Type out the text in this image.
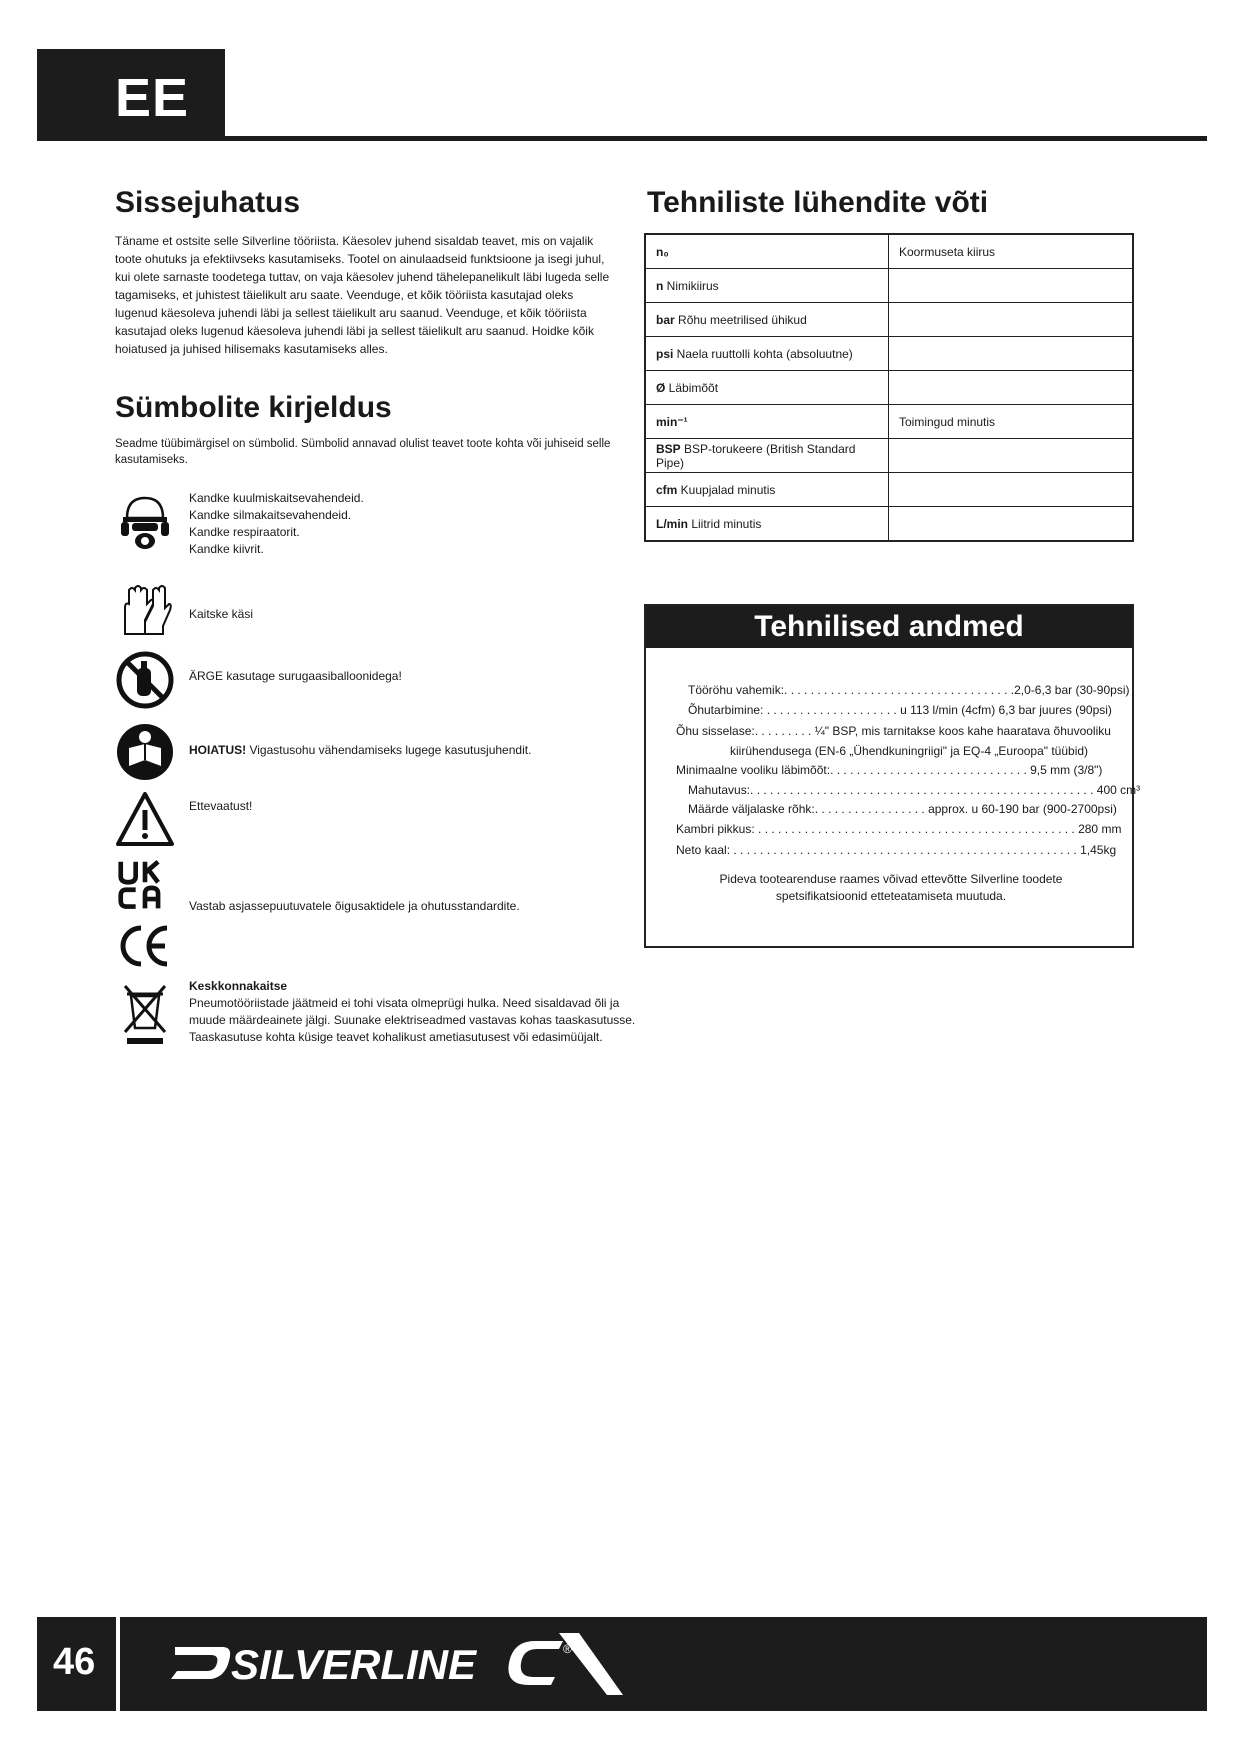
EE
Sissejuhatus

Täname et ostsite selle Silverline tööriista. Käesolev juhend sisaldab teavet, mis on vajalik toote ohutuks ja efektiivseks kasutamiseks. Tootel on ainulaadseid funktsioone ja isegi juhul, kui olete sarnaste toodetega tuttav, on vaja käesolev juhend tähelepanelikult läbi lugeda selle tagamiseks, et juhistest täielikult aru saate. Veenduge, et kõik tööriista kasutajad oleks lugenud käesoleva juhendi läbi ja sellest täielikult aru saanud. Veenduge, et kõik tööriista kasutajad oleks lugenud käesoleva juhendi läbi ja sellest täielikult aru saanud. Hoidke kõik hoiatused ja juhised hilisemaks kasutamiseks alles.

Sümbolite kirjeldus

Seadme tüübimärgisel on sümbolid. Sümbolid annavad olulist teavet toote kohta või juhiseid selle kasutamiseks.

Kandke kuulmiskaitsevahendeid.
Kandke silmakaitsevahendeid.
Kandke respiraatorit.
Kandke kiivrit.
Kaitske käsi
ÄRGE kasutage surugaasiballoonidega!
HOIATUS! Vigastusohu vähendamiseks lugege kasutusjuhendit.
Ettevaatust!
Vastab asjassepuutuvatele õigusaktidele ja ohutusstandardite.
Keskkonnakaitse
Pneumotööriistade jäätmeid ei tohi visata olmeprügi hulka. Need sisaldavad õli ja
muude määrdeainete jälgi. Suunake elektriseadmed vastavas kohas taaskasutusse.
Taaskasutuse kohta küsige teavet kohalikust ametiasutusest või edasimüüjalt.
Tehniliste lühendite võti
n₀	Koormuseta kiirus
n Nimikiirus	
bar Rõhu meetrilised ühikud	
psi Naela ruuttolli kohta (absoluutne)	
Ø Läbimõõt	
min⁻¹	Toimingud minutis
BSP BSP-torukeere (British Standard Pipe)	
cfm Kuupjalad minutis	
L/min Liitrid minutis	
Tehnilised andmed
Tööröhu vahemik:. . . . . . . . . . . . . . . . . . . . . . . . . . . . . . . . . . .2,0-6,3 bar (30-90psi)
Õhutarbimine: . . . . . . . . . . . . . . . . . . . . u 113 l/min (4cfm) 6,3 bar juures (90psi)
Õhu sisselase:. . . . . . . . . ¼" BSP, mis tarnitakse koos kahe haaratava õhuvooliku
kiirühendusega (EN-6 „Ühendkuningriigi" ja EQ-4 „Euroopa" tüübid)
Minimaalne vooliku läbimõõt:. . . . . . . . . . . . . . . . . . . . . . . . . . . . . . 9,5 mm (3/8")
Mahutavus:. . . . . . . . . . . . . . . . . . . . . . . . . . . . . . . . . . . . . . . . . . . . . . . . . . . . 400 cm³
Määrde väljalaske rõhk:. . . . . . . . . . . . . . . . . approx. u 60-190 bar (900-2700psi)
Kambri pikkus: . . . . . . . . . . . . . . . . . . . . . . . . . . . . . . . . . . . . . . . . . . . . . . . . 280 mm
Neto kaal: . . . . . . . . . . . . . . . . . . . . . . . . . . . . . . . . . . . . . . . . . . . . . . . . . . . . 1,45kg
Pideva tootearenduse raames võivad ettevõtte Silverline toodete spetsifikatsioonid etteteatamiseta muutuda.
46	SILVERLINE	®
